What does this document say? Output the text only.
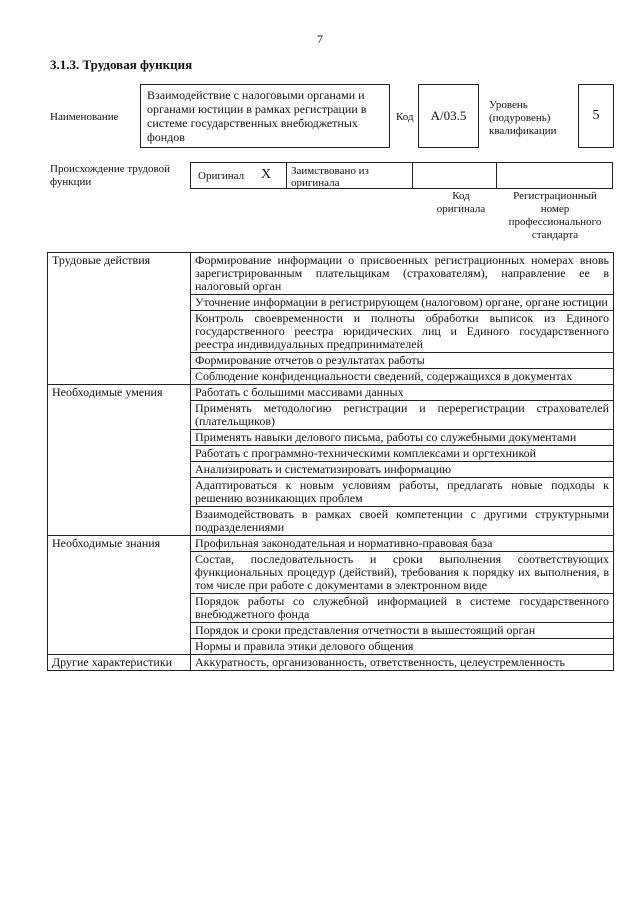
7
3.1.3. Трудовая функция
Наименование
Взаимодействие с налоговыми органами и органами юстиции в рамках регистрации в системе государственных внебюджетных фондов
Код А/03.5
Уровень (подуровень) квалификации
5
Происхождение трудовой функции	Оригинал X	Заимствовано из оригинала
Код оригинала
Регистрационный номер профессионального стандарта
Трудовые действия	Формирование информации о присвоенных регистрационных номерах вновь зарегистрированным плательщикам (страхователям), направление ее в налоговый орган
	Уточнение информации в регистрирующем (налоговом) органе, органе юстиции
	Контроль своевременности и полноты обработки выписок из Единого государственного реестра юридических лиц и Единого государственного реестра индивидуальных предпринимателей
	Формирование отчетов о результатах работы
	Соблюдение конфиденциальности сведений, содержащихся в документах
Необходимые умения	Работать с большими массивами данных
	Применять методологию регистрации и перерегистрации страхователей (плательщиков)
	Применять навыки делового письма, работы со служебными документами
	Работать с программно-техническими комплексами и оргтехникой
	Анализировать и систематизировать информацию
	Адаптироваться к новым условиям работы, предлагать новые подходы к решению возникающих проблем
	Взаимодействовать в рамках своей компетенции с другими структурными подразделениями
Необходимые знания	Профильная законодательная и нормативно-правовая база
	Состав, последовательность и сроки выполнения соответствующих функциональных процедур (действий), требования к порядку их выполнения, в том числе при работе с документами в электронном виде
	Порядок работы со служебной информацией в системе государственного внебюджетного фонда
	Порядок и сроки представления отчетности в вышестоящий орган
	Нормы и правила этики делового общения
Другие характеристики	Аккуратность, организованность, ответственность, целеустремленность
